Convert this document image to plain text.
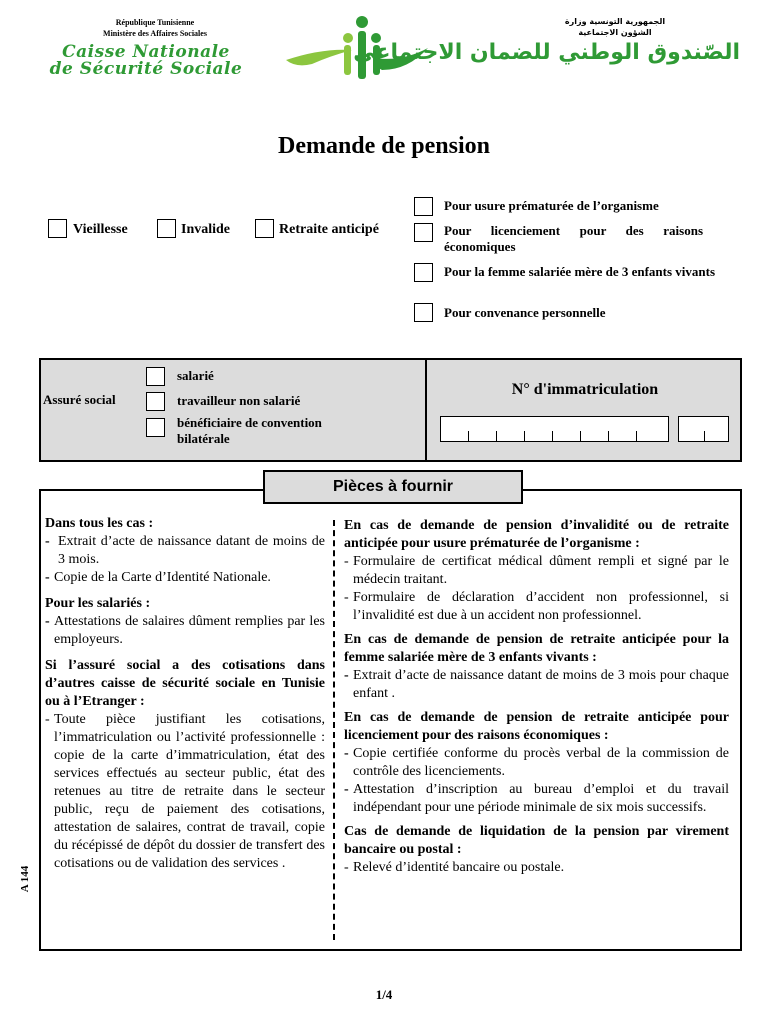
République Tunisienne
Ministère des Affaires Sociales
Caisse Nationale
de Sécurité Sociale
الجمهورية التونسية وزارة الشؤون الاجتماعية
الصّندوق الوطني للضمان الاجتماعي
Demande de pension
Vieillesse	Invalide	Retraite anticipé
Pour usure prématurée de l’organisme
Pour licenciement pour des raisons économiques
Pour la femme salariée mère de 3 enfants vivants
Pour convenance personnelle
Assuré social
salarié
travailleur non salarié
bénéficiaire de convention bilatérale
N° d'immatriculation
Pièces à fournir
Dans tous les cas :
- Extrait d’acte de naissance datant de moins de 3 mois.
- Copie de la Carte d’Identité Nationale.
Pour les salariés :
- Attestations de salaires dûment remplies par les employeurs.
Si l’assuré social a des cotisations dans d’autres caisse de sécurité sociale en Tunisie ou à l’Etranger :
- Toute pièce justifiant les cotisations, l’immatriculation ou l’activité professionnelle : copie de la carte d’immatriculation, état des services effectués au secteur public, état des retenues au titre de retraite dans le secteur public, reçu de paiement des cotisations, attestation de salaires, contrat de travail, copie du récépissé de dépôt du dossier de transfert des cotisations ou de validation des services .
En cas de demande de pension d’invalidité ou de retraite anticipée pour usure prématurée de l’organisme :
- Formulaire de certificat médical dûment rempli et signé par le médecin traitant.
- Formulaire de déclaration d’accident non professionnel, si l’invalidité est due à un accident non professionnel.
En cas de demande de pension de retraite anticipée pour la femme salariée mère de 3 enfants vivants :
- Extrait d’acte de naissance datant de moins de 3 mois pour chaque enfant .
En cas de demande de pension de retraite anticipée pour licenciement pour des raisons économiques :
- Copie certifiée conforme du procès verbal de la commission de contrôle des licenciements.
- Attestation d’inscription au bureau d’emploi et du travail indépendant pour une période minimale de six mois successifs.
Cas de demande de liquidation de la pension par virement bancaire ou postal :
- Relevé d’identité bancaire ou postale.
A 144
1/4
